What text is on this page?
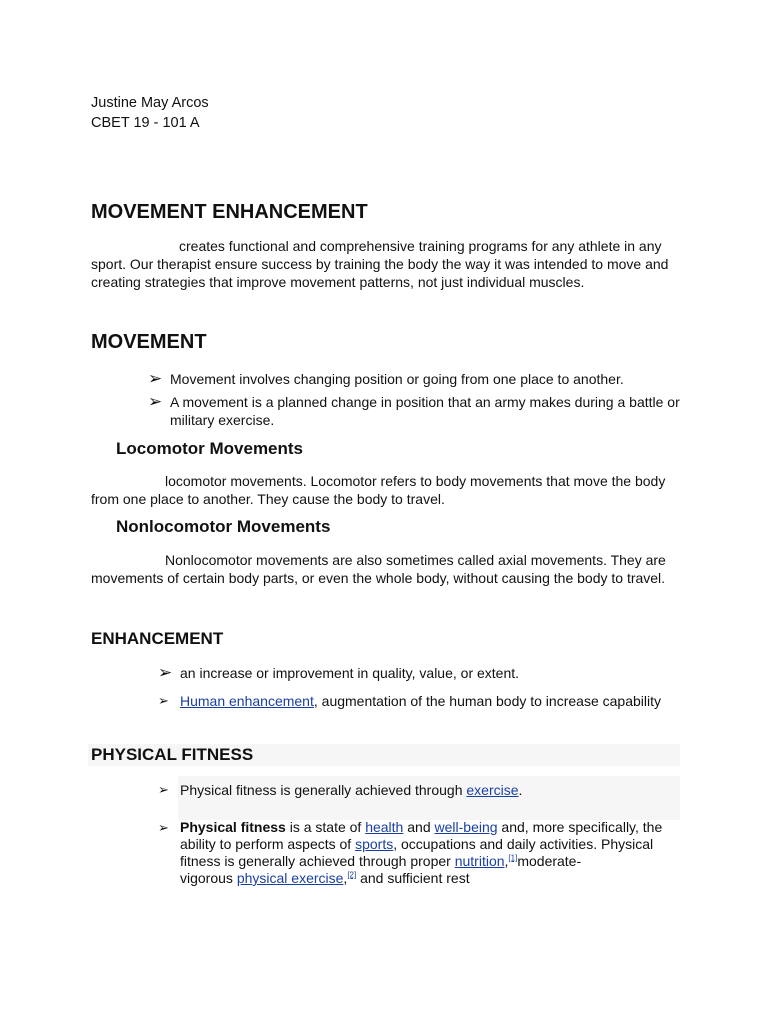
Justine May Arcos
CBET 19 - 101 A
MOVEMENT ENHANCEMENT
creates functional and comprehensive training programs for any athlete in any
sport. Our therapist ensure success by training the body the way it was intended to move and
creating strategies that improve movement patterns, not just individual muscles.
MOVEMENT
➢ Movement involves changing position or going from one place to another.
➢ A movement is a planned change in position that an army makes during a battle or
military exercise.
Locomotor Movements
locomotor movements. Locomotor refers to body movements that move the body
from one place to another. They cause the body to travel.
Nonlocomotor Movements
Nonlocomotor movements are also sometimes called axial movements. They are
movements of certain body parts, or even the whole body, without causing the body to travel.
ENHANCEMENT
➢ an increase or improvement in quality, value, or extent.
➢ Human enhancement, augmentation of the human body to increase capability
PHYSICAL FITNESS
➢ Physical fitness is generally achieved through exercise.
➢ Physical fitness is a state of health and well-being and, more specifically, the
ability to perform aspects of sports, occupations and daily activities. Physical
fitness is generally achieved through proper nutrition,[1]moderate-
vigorous physical exercise,[2] and sufficient rest
